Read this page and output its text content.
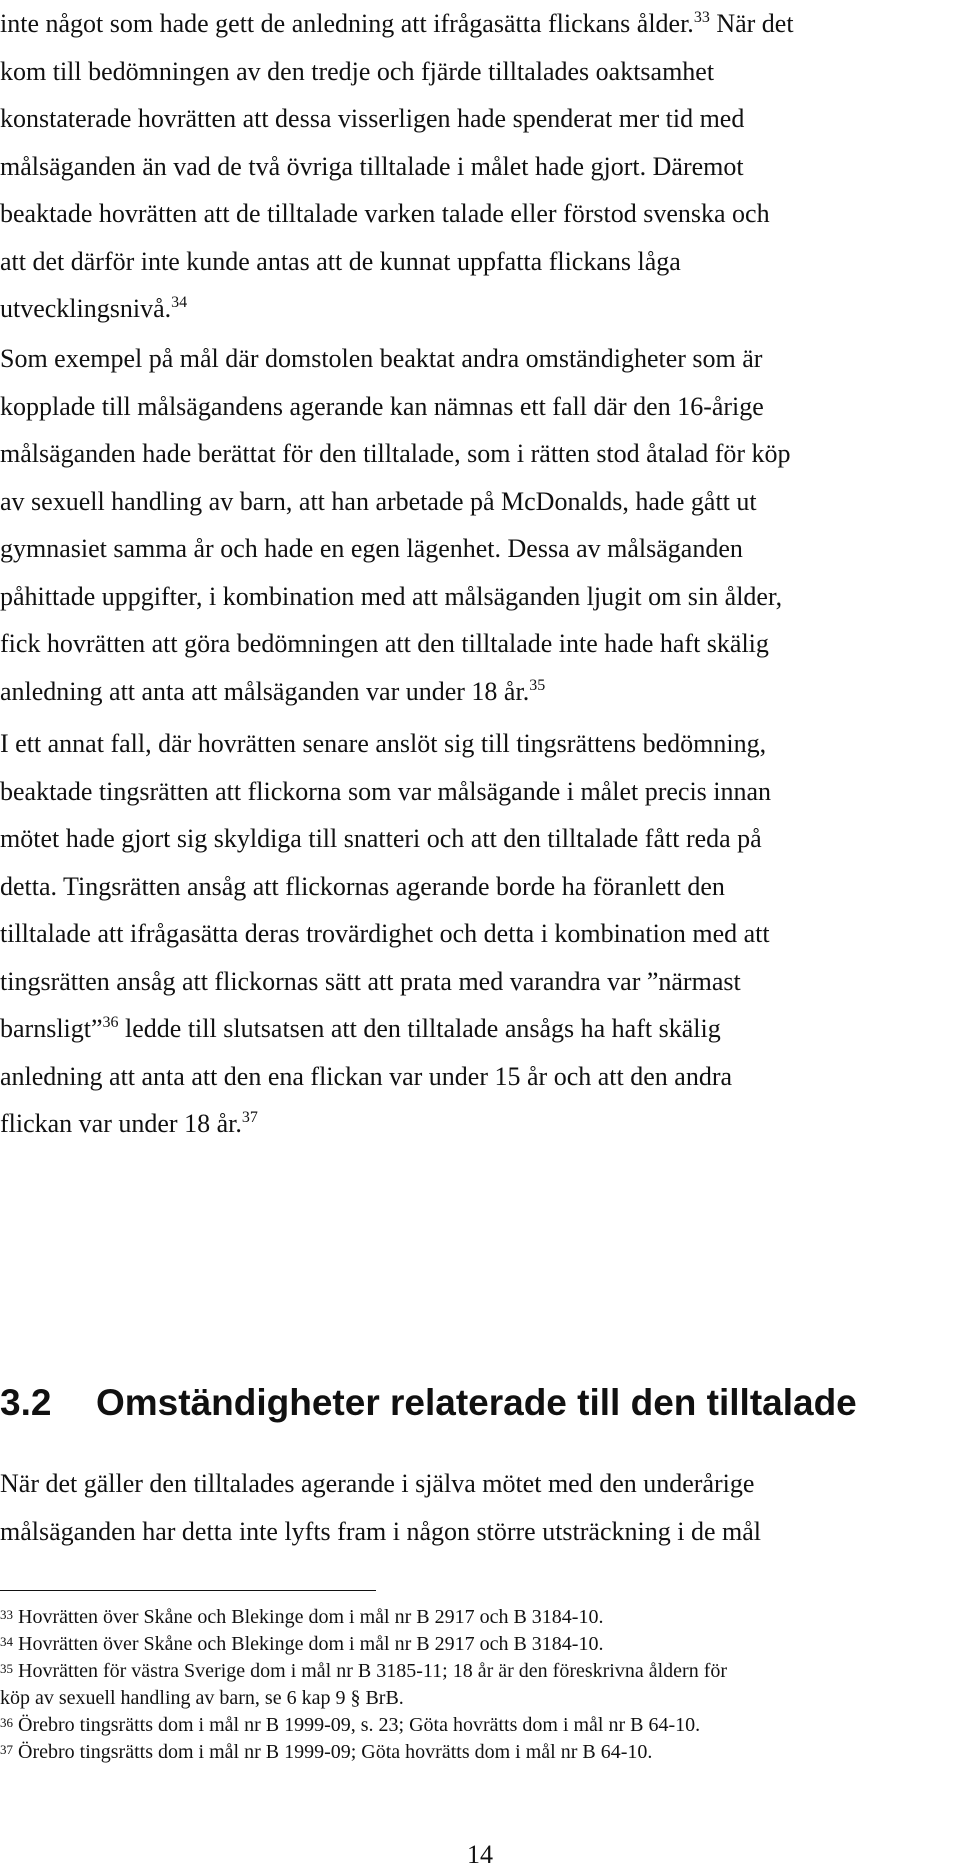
inte något som hade gett de anledning att ifrågasätta flickans ålder.$^{33}$ När det
kom till bedömningen av den tredje och fjärde tilltalades oaktsamhet
konstaterade hovrätten att dessa visserligen hade spenderat mer tid med
målsäganden än vad de två övriga tilltalade i målet hade gjort. Däremot
beaktade hovrätten att de tilltalade varken talade eller förstod svenska och
att det därför inte kunde antas att de kunnat uppfatta flickans låga
utvecklingsnivå.$^{34}$

Som exempel på mål där domstolen beaktat andra omständigheter som är
kopplade till målsägandens agerande kan nämnas ett fall där den 16-årige
målsäganden hade berättat för den tilltalade, som i rätten stod åtalad för köp
av sexuell handling av barn, att han arbetade på McDonalds, hade gått ut
gymnasiet samma år och hade en egen lägenhet. Dessa av målsäganden
påhittade uppgifter, i kombination med att målsäganden ljugit om sin ålder,
fick hovrätten att göra bedömningen att den tilltalade inte hade haft skälig
anledning att anta att målsäganden var under 18 år.$^{35}$

I ett annat fall, där hovrätten senare anslöt sig till tingsrättens bedömning,
beaktade tingsrätten att flickorna som var målsägande i målet precis innan
mötet hade gjort sig skyldiga till snatteri och att den tilltalade fått reda på
detta. Tingsrätten ansåg att flickornas agerande borde ha föranlett den
tilltalade att ifrågasätta deras trovärdighet och detta i kombination med att
tingsrätten ansåg att flickornas sätt att prata med varandra var ”närmast
barnsligt”$^{36}$ ledde till slutsatsen att den tilltalade ansågs ha haft skälig
anledning att anta att den ena flickan var under 15 år och att den andra
flickan var under 18 år.$^{37}$

3.2 Omständigheter relaterade till den tilltalade

När det gäller den tilltalades agerande i själva mötet med den underårige
målsäganden har detta inte lyfts fram i någon större utsträckning i de mål

$^{33}$ Hovrätten över Skåne och Blekinge dom i mål nr B 2917 och B 3184-10.
$^{34}$ Hovrätten över Skåne och Blekinge dom i mål nr B 2917 och B 3184-10.
$^{35}$ Hovrätten för västra Sverige dom i mål nr B 3185-11; 18 år är den föreskrivna åldern för
köp av sexuell handling av barn, se 6 kap 9 § BrB.
$^{36}$ Örebro tingsrätts dom i mål nr B 1999-09, s. 23; Göta hovrätts dom i mål nr B 64-10.
$^{37}$ Örebro tingsrätts dom i mål nr B 1999-09; Göta hovrätts dom i mål nr B 64-10.
14
